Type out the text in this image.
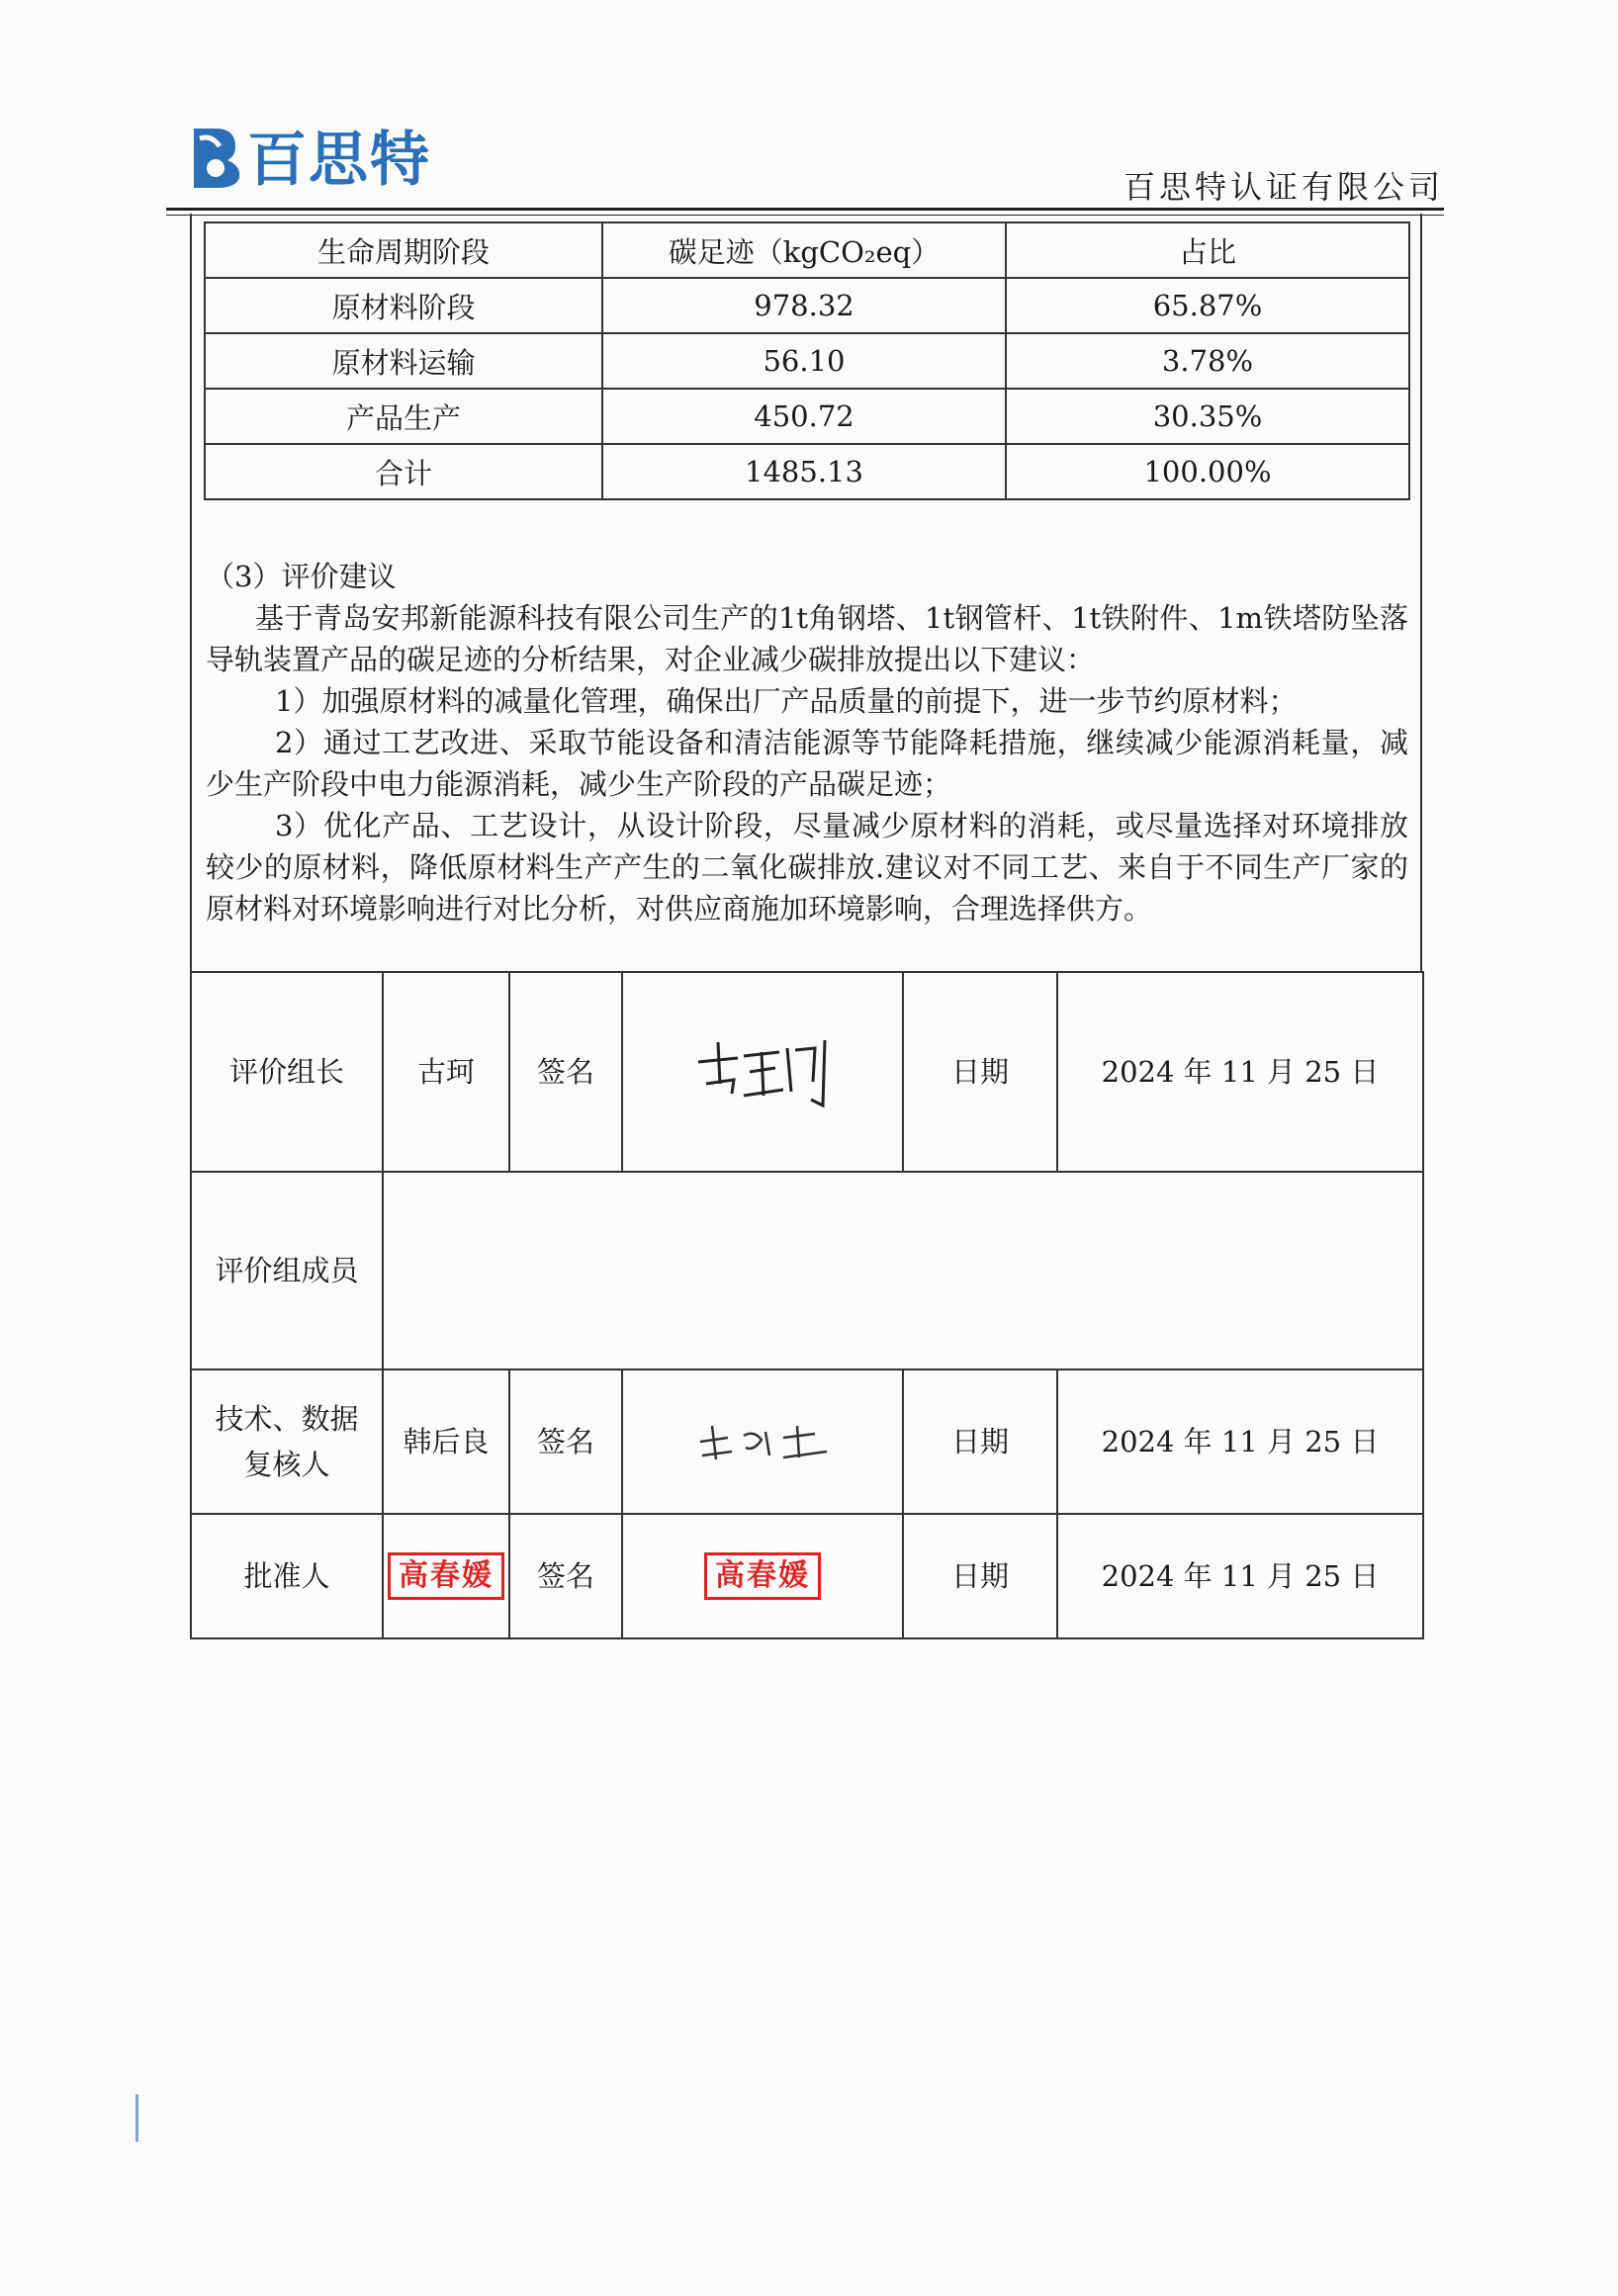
百思特	百思特认证有限公司
生命周期阶段	碳足迹（kgCO₂eq）	占比
原材料阶段	978.32	65.87%
原材料运输	56.10	3.78%
产品生产	450.72	30.35%
合计	1485.13	100.00%

（3）评价建议

基于青岛安邦新能源科技有限公司生产的1t角钢塔、1t钢管杆、1t铁附件、1m铁塔防坠落导轨装置产品的碳足迹的分析结果，对企业减少碳排放提出以下建议：

1）加强原材料的减量化管理，确保出厂产品质量的前提下，进一步节约原材料；

2）通过工艺改进、采取节能设备和清洁能源等节能降耗措施，继续减少能源消耗量，减少生产阶段中电力能源消耗，减少生产阶段的产品碳足迹；

3）优化产品、工艺设计，从设计阶段，尽量减少原材料的消耗，或尽量选择对环境排放较少的原材料，降低原材料生产产生的二氧化碳排放.建议对不同工艺、来自于不同生产厂家的原材料对环境影响进行对比分析，对供应商施加环境影响，合理选择供方。

评价组长	古珂	签名		日期	2024 年 11 月 25 日
评价组成员					

技术、数据
复核人	韩后良	签名		日期	2024 年 11 月 25 日
批准人	高春媛	签名	高春媛	日期	2024 年 11 月 25 日
